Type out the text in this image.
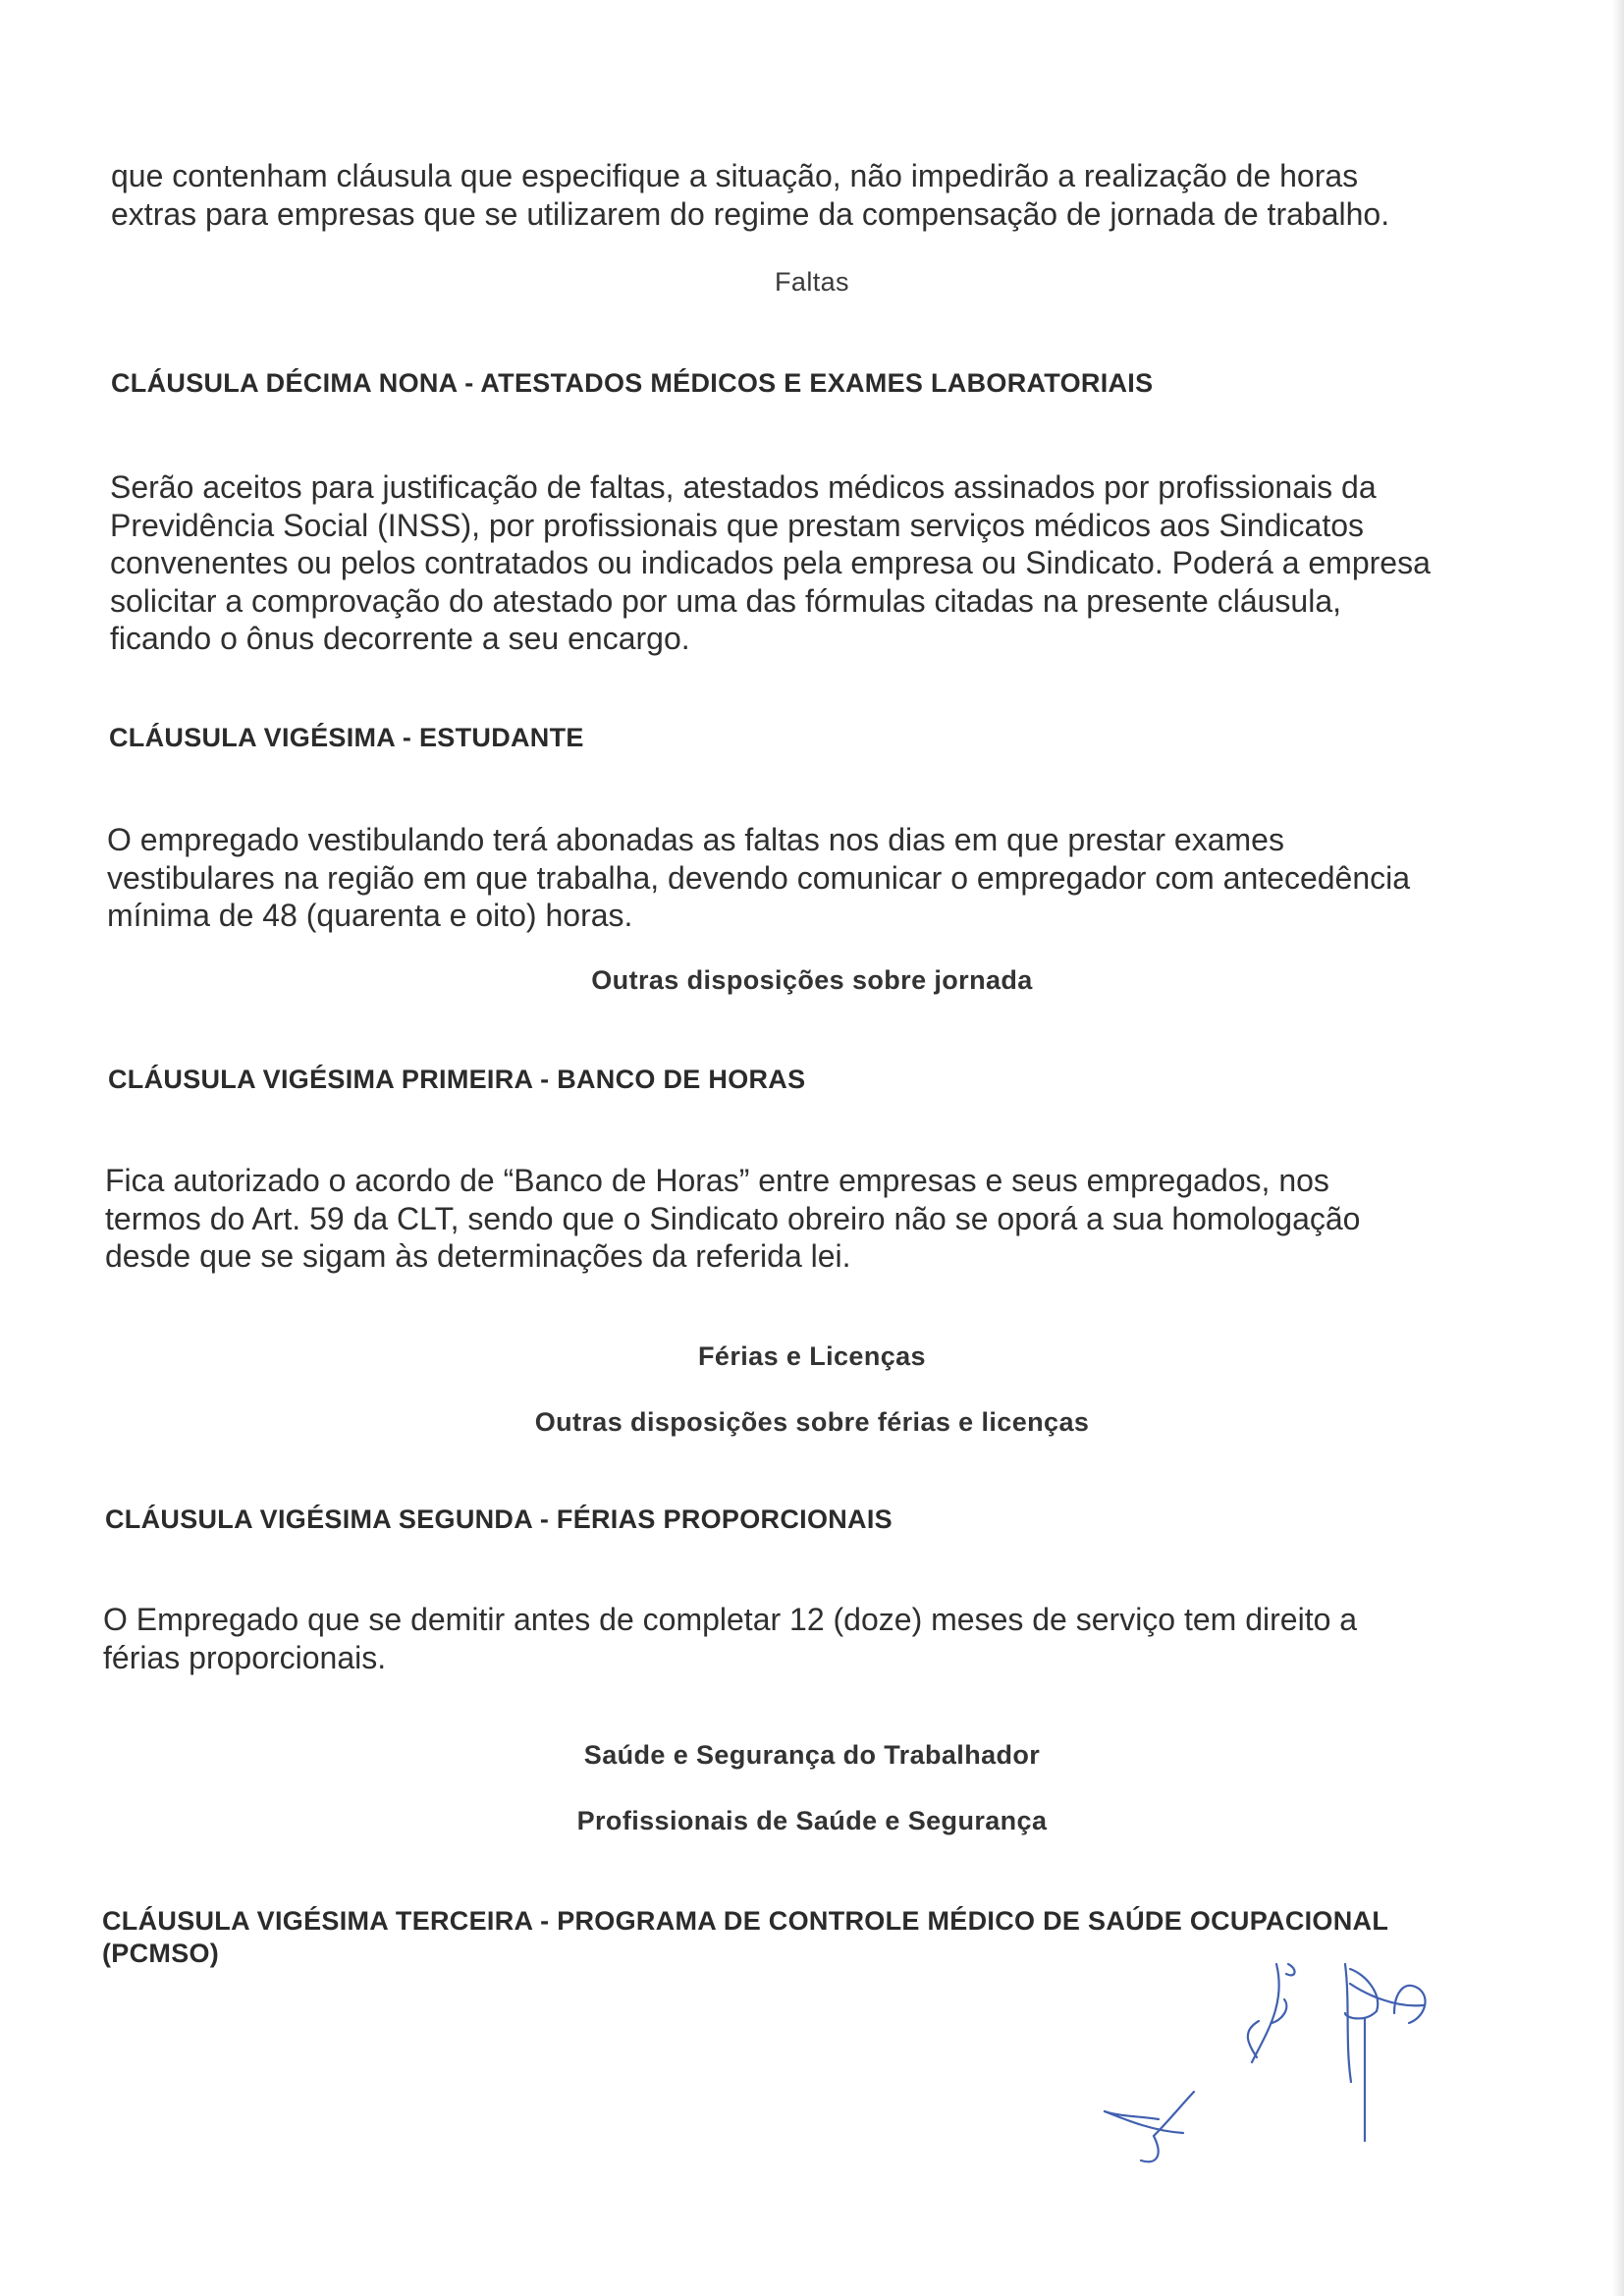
que contenham cláusula que especifique a situação, não impedirão a realização de horas
extras para empresas que se utilizarem do regime da compensação de jornada de trabalho.

Faltas

CLÁUSULA DÉCIMA NONA - ATESTADOS MÉDICOS E EXAMES LABORATORIAIS

Serão aceitos para justificação de faltas, atestados médicos assinados por profissionais da
Previdência Social (INSS), por profissionais que prestam serviços médicos aos Sindicatos
convenentes ou pelos contratados ou indicados pela empresa ou Sindicato. Poderá a empresa
solicitar a comprovação do atestado por uma das fórmulas citadas na presente cláusula,
ficando o ônus decorrente a seu encargo.

CLÁUSULA VIGÉSIMA - ESTUDANTE

O empregado vestibulando terá abonadas as faltas nos dias em que prestar exames
vestibulares na região em que trabalha, devendo comunicar o empregador com antecedência
mínima de 48 (quarenta e oito) horas.

Outras disposições sobre jornada

CLÁUSULA VIGÉSIMA PRIMEIRA - BANCO DE HORAS

Fica autorizado o acordo de “Banco de Horas” entre empresas e seus empregados, nos
termos do Art. 59 da CLT, sendo que o Sindicato obreiro não se oporá a sua homologação
desde que se sigam às determinações da referida lei.

Férias e Licenças

Outras disposições sobre férias e licenças

CLÁUSULA VIGÉSIMA SEGUNDA - FÉRIAS PROPORCIONAIS

O Empregado que se demitir antes de completar 12 (doze) meses de serviço tem direito a
férias proporcionais.

Saúde e Segurança do Trabalhador

Profissionais de Saúde e Segurança

CLÁUSULA VIGÉSIMA TERCEIRA - PROGRAMA DE CONTROLE MÉDICO DE SAÚDE OCUPACIONAL
(PCMSO)
